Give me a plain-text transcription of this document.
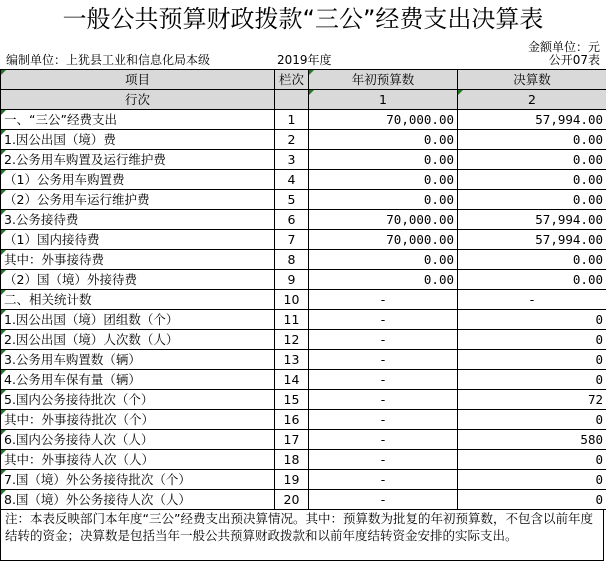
一般公共预算财政拨款“三公”经费支出决算表
金额单位：元
编制单位：上犹县工业和信息化局本级	2019年度	公开07表
项目	栏次	年初预算数	决算数
行次		1	2
一、“三公”经费支出	1	70,000.00	57,994.00
1.因公出国（境）费	2	0.00	0.00
2.公务用车购置及运行维护费	3	0.00	0.00
（1）公务用车购置费	4	0.00	0.00
（2）公务用车运行维护费	5	0.00	0.00
3.公务接待费	6	70,000.00	57,994.00
（1）国内接待费	7	70,000.00	57,994.00
其中：外事接待费	8	0.00	0.00
（2）国（境）外接待费	9	0.00	0.00
二、相关统计数	10	-	-
1.因公出国（境）团组数（个）	11	-	0
2.因公出国（境）人次数（人）	12	-	0
3.公务用车购置数（辆）	13	-	0
4.公务用车保有量（辆）	14	-	0
5.国内公务接待批次（个）	15	-	72
其中：外事接待批次（个）	16	-	0
6.国内公务接待人次（人）	17	-	580
其中：外事接待人次（人）	18	-	0
7.国（境）外公务接待批次（个）	19	-	0
8.国（境）外公务接待人次（人）	20	-	0
注：本表反映部门本年度“三公”经费支出预决算情况。其中：预算数为批复的年初预算数，不包含以前年度结转的资金；决算数是包括当年一般公共预算财政拨款和以前年度结转资金安排的实际支出。
